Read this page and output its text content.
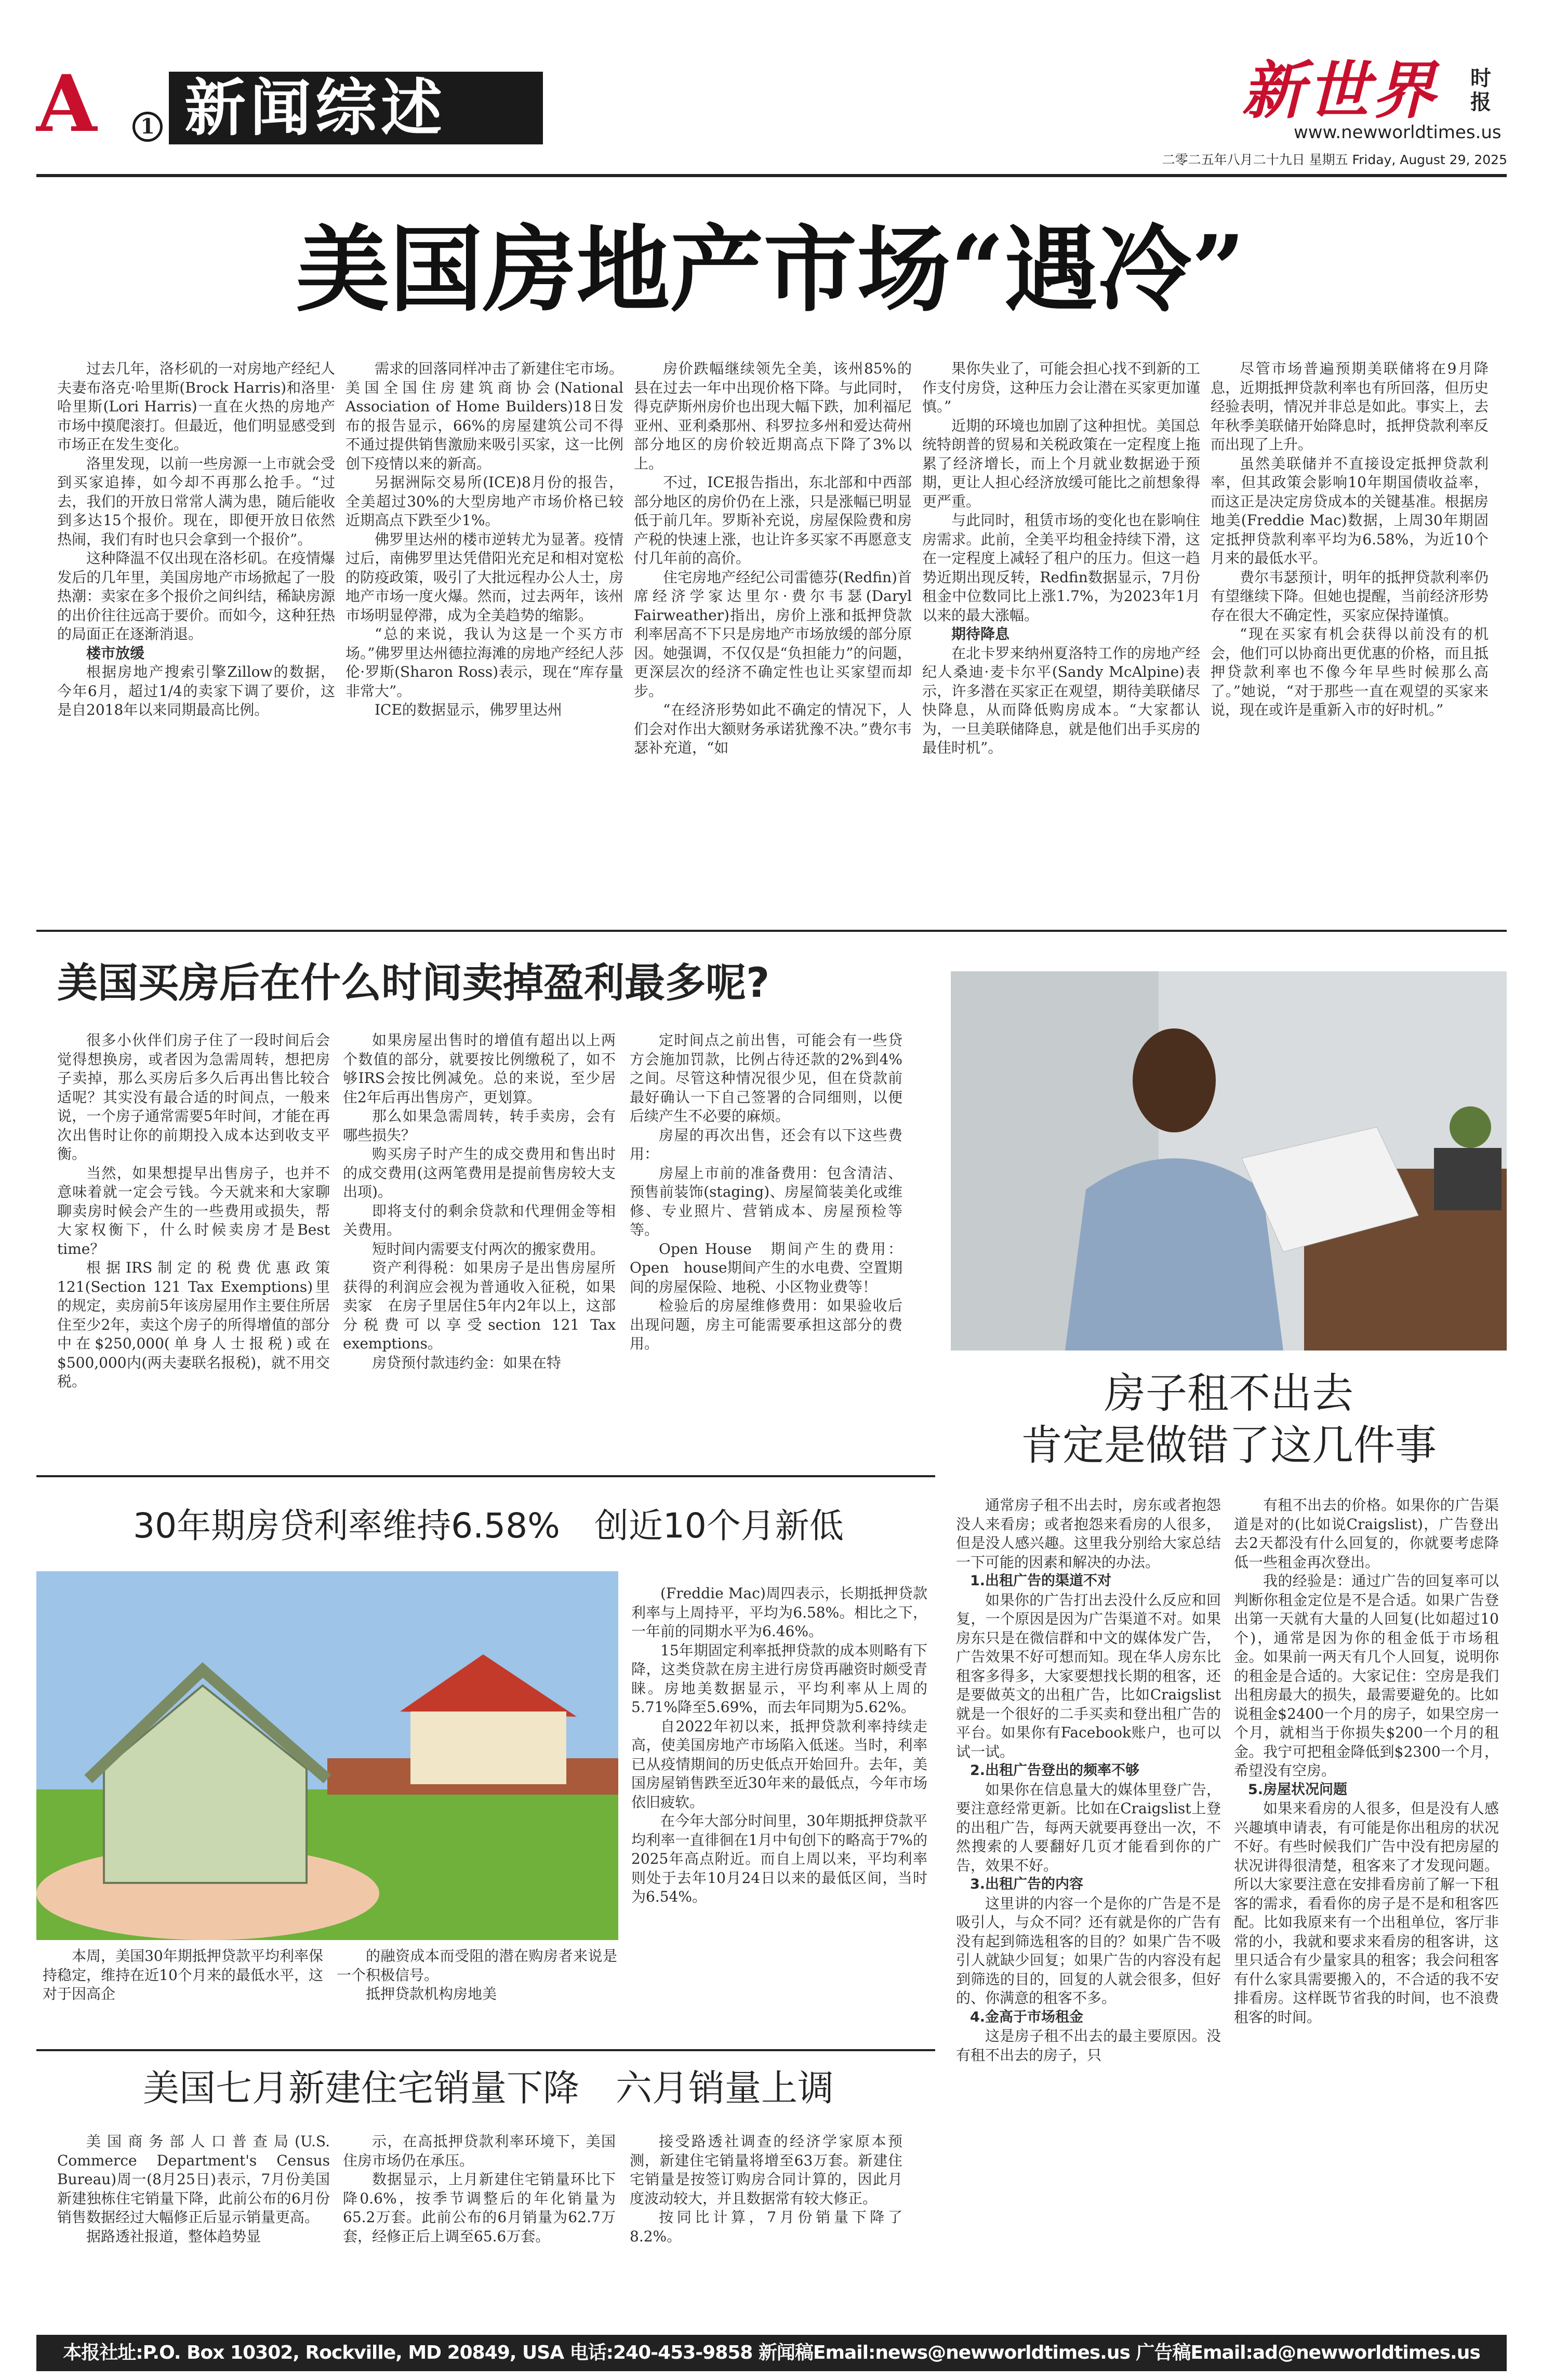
A	1 新闻综述	新世界 时报
www.newworldtimes.us
二零二五年八月二十九日 星期五 Friday, August 29, 2025
美国房地产市场“遇冷”

过去几年，洛杉矶的一对房地产经纪人夫妻布洛克·哈里斯(Brock Harris)和洛里·哈里斯(Lori Harris)一直在火热的房地产市场中摸爬滚打。但最近，他们明显感受到市场正在发生变化。

洛里发现，以前一些房源一上市就会受到买家追捧，如今却不再那么抢手。“过去，我们的开放日常常人满为患，随后能收到多达15个报价。现在，即便开放日依然热闹，我们有时也只会拿到一个报价”。

这种降温不仅出现在洛杉矶。在疫情爆发后的几年里，美国房地产市场掀起了一股热潮：卖家在多个报价之间纠结，稀缺房源的出价往往远高于要价。而如今，这种狂热的局面正在逐渐消退。

楼市放缓

根据房地产搜索引擎Zillow的数据，今年6月，超过1/4的卖家下调了要价，这是自2018年以来同期最高比例。

需求的回落同样冲击了新建住宅市场。美国全国住房建筑商协会(National Association of Home Builders)18日发布的报告显示，66%的房屋建筑公司不得不通过提供销售激励来吸引买家，这一比例创下疫情以来的新高。

另据洲际交易所(ICE)8月份的报告，全美超过30%的大型房地产市场价格已较近期高点下跌至少1%。

佛罗里达州的楼市逆转尤为显著。疫情过后，南佛罗里达凭借阳光充足和相对宽松的防疫政策，吸引了大批远程办公人士，房地产市场一度火爆。然而，过去两年，该州市场明显停滞，成为全美趋势的缩影。

“总的来说，我认为这是一个买方市场。”佛罗里达州德拉海滩的房地产经纪人莎伦·罗斯(Sharon Ross)表示，现在“库存量非常大”。

ICE的数据显示，佛罗里达州

房价跌幅继续领先全美，该州85%的县在过去一年中出现价格下降。与此同时，得克萨斯州房价也出现大幅下跌，加利福尼亚州、亚利桑那州、科罗拉多州和爱达荷州部分地区的房价较近期高点下降了3%以上。

不过，ICE报告指出，东北部和中西部部分地区的房价仍在上涨，只是涨幅已明显低于前几年。罗斯补充说，房屋保险费和房产税的快速上涨，也让许多买家不再愿意支付几年前的高价。

住宅房地产经纪公司雷德芬(Redfin)首席经济学家达里尔·费尔韦瑟(Daryl Fairweather)指出，房价上涨和抵押贷款利率居高不下只是房地产市场放缓的部分原因。她强调，不仅仅是“负担能力”的问题，更深层次的经济不确定性也让买家望而却步。

“在经济形势如此不确定的情况下，人们会对作出大额财务承诺犹豫不决。”费尔韦瑟补充道，“如

果你失业了，可能会担心找不到新的工作支付房贷，这种压力会让潜在买家更加谨慎。”

近期的环境也加剧了这种担忧。美国总统特朗普的贸易和关税政策在一定程度上拖累了经济增长，而上个月就业数据逊于预期，更让人担心经济放缓可能比之前想象得更严重。

与此同时，租赁市场的变化也在影响住房需求。此前，全美平均租金持续下滑，这在一定程度上减轻了租户的压力。但这一趋势近期出现反转，Redfin数据显示，7月份租金中位数同比上涨1.7%，为2023年1月以来的最大涨幅。

期待降息

在北卡罗来纳州夏洛特工作的房地产经纪人桑迪·麦卡尔平(Sandy McAlpine)表示，许多潜在买家正在观望，期待美联储尽快降息，从而降低购房成本。“大家都认为，一旦美联储降息，就是他们出手买房的最佳时机”。

尽管市场普遍预期美联储将在9月降息，近期抵押贷款利率也有所回落，但历史经验表明，情况并非总是如此。事实上，去年秋季美联储开始降息时，抵押贷款利率反而出现了上升。

虽然美联储并不直接设定抵押贷款利率，但其政策会影响10年期国债收益率，而这正是决定房贷成本的关键基准。根据房地美(Freddie Mac)数据，上周30年期固定抵押贷款利率平均为6.58%，为近10个月来的最低水平。

费尔韦瑟预计，明年的抵押贷款利率仍有望继续下降。但她也提醒，当前经济形势存在很大不确定性，买家应保持谨慎。

“现在买家有机会获得以前没有的机会，他们可以协商出更优惠的价格，而且抵押贷款利率也不像今年早些时候那么高了。”她说，“对于那些一直在观望的买家来说，现在或许是重新入市的好时机。”

美国买房后在什么时间卖掉盈利最多呢?

很多小伙伴们房子住了一段时间后会觉得想换房，或者因为急需周转，想把房子卖掉，那么买房后多久后再出售比较合适呢？其实没有最合适的时间点，一般来说，一个房子通常需要5年时间，才能在再次出售时让你的前期投入成本达到收支平衡。

当然，如果想提早出售房子，也并不意味着就一定会亏钱。今天就来和大家聊聊卖房时候会产生的一些费用或损失，帮大家权衡下，什么时候卖房才是Best time？

根据IRS制定的税费优惠政策121(Section 121 Tax Exemptions)里的规定，卖房前5年该房屋用作主要住所居住至少2年，卖这个房子的所得增值的部分中在$250,000(单身人士报税)或在$500,000内(两夫妻联名报税)，就不用交税。

如果房屋出售时的增值有超出以上两个数值的部分，就要按比例缴税了，如不够IRS会按比例减免。总的来说，至少居住2年后再出售房产，更划算。

那么如果急需周转，转手卖房，会有哪些损失？

购买房子时产生的成交费用和售出时的成交费用(这两笔费用是提前售房较大支出项)。

即将支付的剩余贷款和代理佣金等相关费用。

短时间内需要支付两次的搬家费用。

资产利得税：如果房子是出售房屋所获得的利润应会视为普通收入征税，如果卖家　在房子里居住5年内2年以上，这部分税费可以享受section 121 Tax exemptions。

房贷预付款违约金：如果在特

定时间点之前出售，可能会有一些贷方会施加罚款，比例占待还款的2%到4%之间。尽管这种情况很少见，但在贷款前最好确认一下自己签署的合同细则，以便后续产生不必要的麻烦。

房屋的再次出售，还会有以下这些费用：

房屋上市前的准备费用：包含清洁、预售前装饰(staging)、房屋简装美化或维修、专业照片、营销成本、房屋预检等等。

Open House　期间产生的费用：Open　house期间产生的水电费、空置期间的房屋保险、地税、小区物业费等！

检验后的房屋维修费用：如果验收后出现问题，房主可能需要承担这部分的费用。

房子租不出去
肯定是做错了这几件事

通常房子租不出去时，房东或者抱怨没人来看房；或者抱怨来看房的人很多，但是没人感兴趣。这里我分别给大家总结一下可能的因素和解决的办法。

1.出租广告的渠道不对

如果你的广告打出去没什么反应和回复，一个原因是因为广告渠道不对。如果房东只是在微信群和中文的媒体发广告，广告效果不好可想而知。现在华人房东比租客多得多，大家要想找长期的租客，还是要做英文的出租广告，比如Craigslist就是一个很好的二手买卖和登出租广告的平台。如果你有Facebook账户，也可以试一试。

2.出租广告登出的频率不够

如果你在信息量大的媒体里登广告，要注意经常更新。比如在Craigslist上登的出租广告，每两天就要再登出一次，不然搜索的人要翻好几页才能看到你的广告，效果不好。

3.出租广告的内容

这里讲的内容一个是你的广告是不是吸引人，与众不同？还有就是你的广告有没有起到筛选租客的目的？如果广告不吸引人就缺少回复；如果广告的内容没有起到筛选的目的，回复的人就会很多，但好的、你满意的租客不多。

4.金高于市场租金

这是房子租不出去的最主要原因。没有租不出去的房子，只

有租不出去的价格。如果你的广告渠道是对的(比如说Craigslist)，广告登出去2天都没有什么回复的，你就要考虑降低一些租金再次登出。

我的经验是：通过广告的回复率可以判断你租金定位是不是合适。如果广告登出第一天就有大量的人回复(比如超过10个)，通常是因为你的租金低于市场租金。如果前一两天有几个人回复，说明你的租金是合适的。大家记住：空房是我们出租房最大的损失，最需要避免的。比如说租金$2400一个月的房子，如果空房一个月，就相当于你损失$200一个月的租金。我宁可把租金降低到$2300一个月，希望没有空房。

5.房屋状况问题

如果来看房的人很多，但是没有人感兴趣填申请表，有可能是你出租房的状况不好。有些时候我们广告中没有把房屋的状况讲得很清楚，租客来了才发现问题。所以大家要注意在安排看房前了解一下租客的需求，看看你的房子是不是和租客匹配。比如我原来有一个出租单位，客厅非常的小，我就和要求来看房的租客讲，这里只适合有少量家具的租客；我会问租客有什么家具需要搬入的，不合适的我不安排看房。这样既节省我的时间，也不浪费租客的时间。

30年期房贷利率维持6.58%　创近10个月新低

本周，美国30年期抵押贷款平均利率保持稳定，维持在近10个月来的最低水平，这对于因高企

的融资成本而受阻的潜在购房者来说是一个积极信号。

抵押贷款机构房地美

(Freddie Mac)周四表示，长期抵押贷款利率与上周持平，平均为6.58%。相比之下，一年前的同期水平为6.46%。

15年期固定利率抵押贷款的成本则略有下降，这类贷款在房主进行房贷再融资时颇受青睐。房地美数据显示，平均利率从上周的5.71%降至5.69%，而去年同期为5.62%。

自2022年初以来，抵押贷款利率持续走高，使美国房地产市场陷入低迷。当时，利率已从疫情期间的历史低点开始回升。去年，美国房屋销售跌至近30年来的最低点，今年市场依旧疲软。

在今年大部分时间里，30年期抵押贷款平均利率一直徘徊在1月中旬创下的略高于7%的2025年高点附近。而自上周以来，平均利率则处于去年10月24日以来的最低区间，当时为6.54%。

美国七月新建住宅销量下降　六月销量上调

美国商务部人口普查局(U.S. Commerce Department's Census Bureau)周一(8月25日)表示，7月份美国新建独栋住宅销量下降，此前公布的6月份销售数据经过大幅修正后显示销量更高。

据路透社报道，整体趋势显

示，在高抵押贷款利率环境下，美国住房市场仍在承压。

数据显示，上月新建住宅销量环比下降0.6%，按季节调整后的年化销量为65.2万套。此前公布的6月销量为62.7万套，经修正后上调至65.6万套。

接受路透社调查的经济学家原本预测，新建住宅销量将增至63万套。新建住宅销量是按签订购房合同计算的，因此月度波动较大，并且数据常有较大修正。

按同比计算，7月份销量下降了8.2%。

本报社址:P.O. Box 10302, Rockville, MD 20849, USA 电话:240-453-9858 新闻稿Email:news@newworldtimes.us 广告稿Email:ad@newworldtimes.us
